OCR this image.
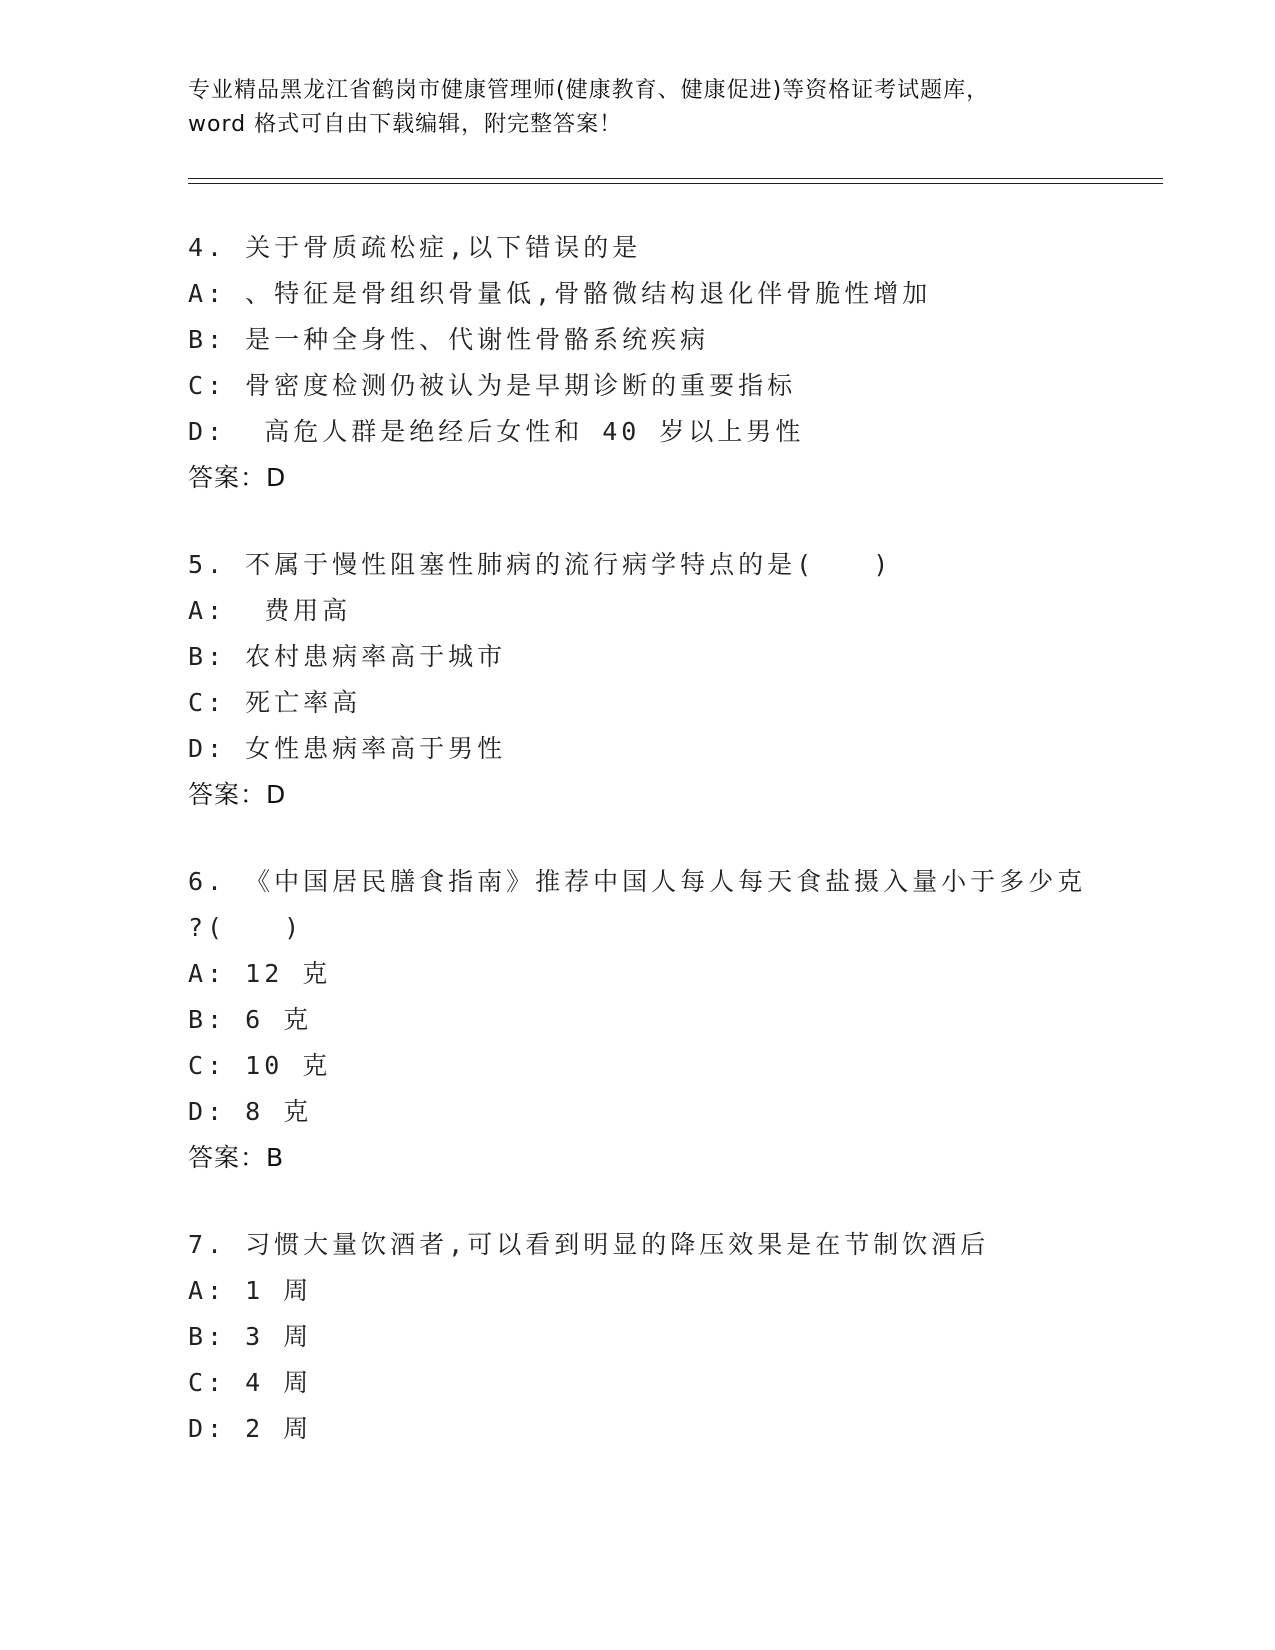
专业精品黑龙江省鹤岗市健康管理师(健康教育、健康促进)等资格证考试题库，
word 格式可自由下载编辑，附完整答案！
4. 关于骨质疏松症,以下错误的是
A: 、特征是骨组织骨量低,骨骼微结构退化伴骨脆性增加
B: 是一种全身性、代谢性骨骼系统疾病
C: 骨密度检测仍被认为是早期诊断的重要指标
D:  高危人群是绝经后女性和 40 岁以上男性
答案：D
5. 不属于慢性阻塞性肺病的流行病学特点的是(　　)
A:  费用高
B: 农村患病率高于城市
C: 死亡率高
D: 女性患病率高于男性
答案：D
6. 《中国居民膳食指南》推荐中国人每人每天食盐摄入量小于多少克
?(　　)
A: 12 克
B: 6 克
C: 10 克
D: 8 克
答案：B
7. 习惯大量饮酒者,可以看到明显的降压效果是在节制饮酒后
A: 1 周
B: 3 周
C: 4 周
D: 2 周
